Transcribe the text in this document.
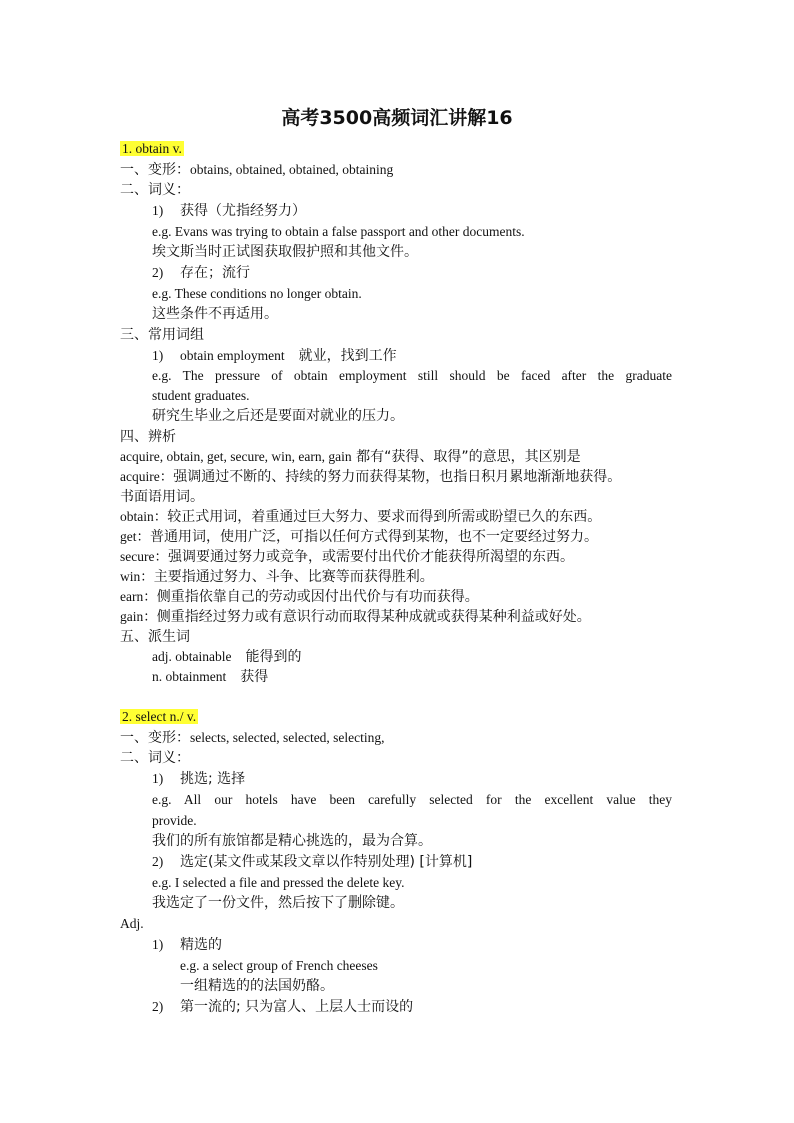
高考3500高频词汇讲解16
1. obtain v.
一、变形：obtains, obtained, obtained, obtaining
二、词义：
1) 获得（尤指经努力）
e.g. Evans was trying to obtain a false passport and other documents.
埃文斯当时正试图获取假护照和其他文件。
2) 存在；流行
e.g. These conditions no longer obtain.
这些条件不再适用。
三、常用词组
1) obtain employment 就业，找到工作
e.g. The pressure of obtain employment still should be faced after the graduate
student graduates.
研究生毕业之后还是要面对就业的压力。
四、辨析
acquire, obtain, get, secure, win, earn, gain 都有“获得、取得”的意思，其区别是
acquire：强调通过不断的、持续的努力而获得某物，也指日积月累地渐渐地获得。
书面语用词。
obtain：较正式用词，着重通过巨大努力、要求而得到所需或盼望已久的东西。
get：普通用词，使用广泛，可指以任何方式得到某物，也不一定要经过努力。
secure：强调要通过努力或竞争，或需要付出代价才能获得所渴望的东西。
win：主要指通过努力、斗争、比赛等而获得胜利。
earn：侧重指依靠自己的劳动或因付出代价与有功而获得。
gain：侧重指经过努力或有意识行动而取得某种成就或获得某种利益或好处。
五、派生词
adj. obtainable 能得到的
n. obtainment 获得
2. select n./ v.
一、变形：selects, selected, selected, selecting,
二、词义：
1) 挑选; 选择
e.g. All our hotels have been carefully selected for the excellent value they
provide.
我们的所有旅馆都是精心挑选的，最为合算。
2) 选定(某文件或某段文章以作特别处理) [计算机]
e.g. I selected a file and pressed the delete key.
我选定了一份文件，然后按下了删除键。
Adj.
1) 精选的
e.g. a select group of French cheeses
一组精选的的法国奶酪。
2) 第一流的; 只为富人、上层人士而设的
